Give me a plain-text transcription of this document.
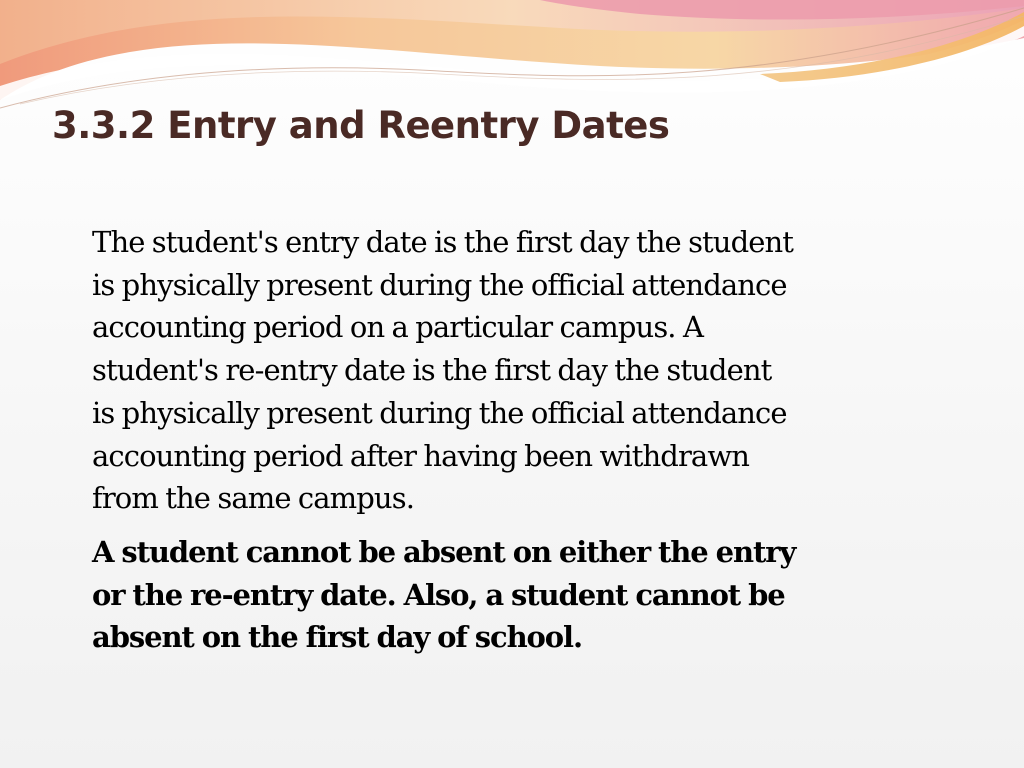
3.3.2 Entry and Reentry Dates

The student's entry date is the first day the student
is physically present during the official attendance
accounting period on a particular campus. A
student's re-entry date is the first day the student
is physically present during the official attendance
accounting period after having been withdrawn
from the same campus.

A student cannot be absent on either the entry
or the re-entry date. Also, a student cannot be
absent on the first day of school.
